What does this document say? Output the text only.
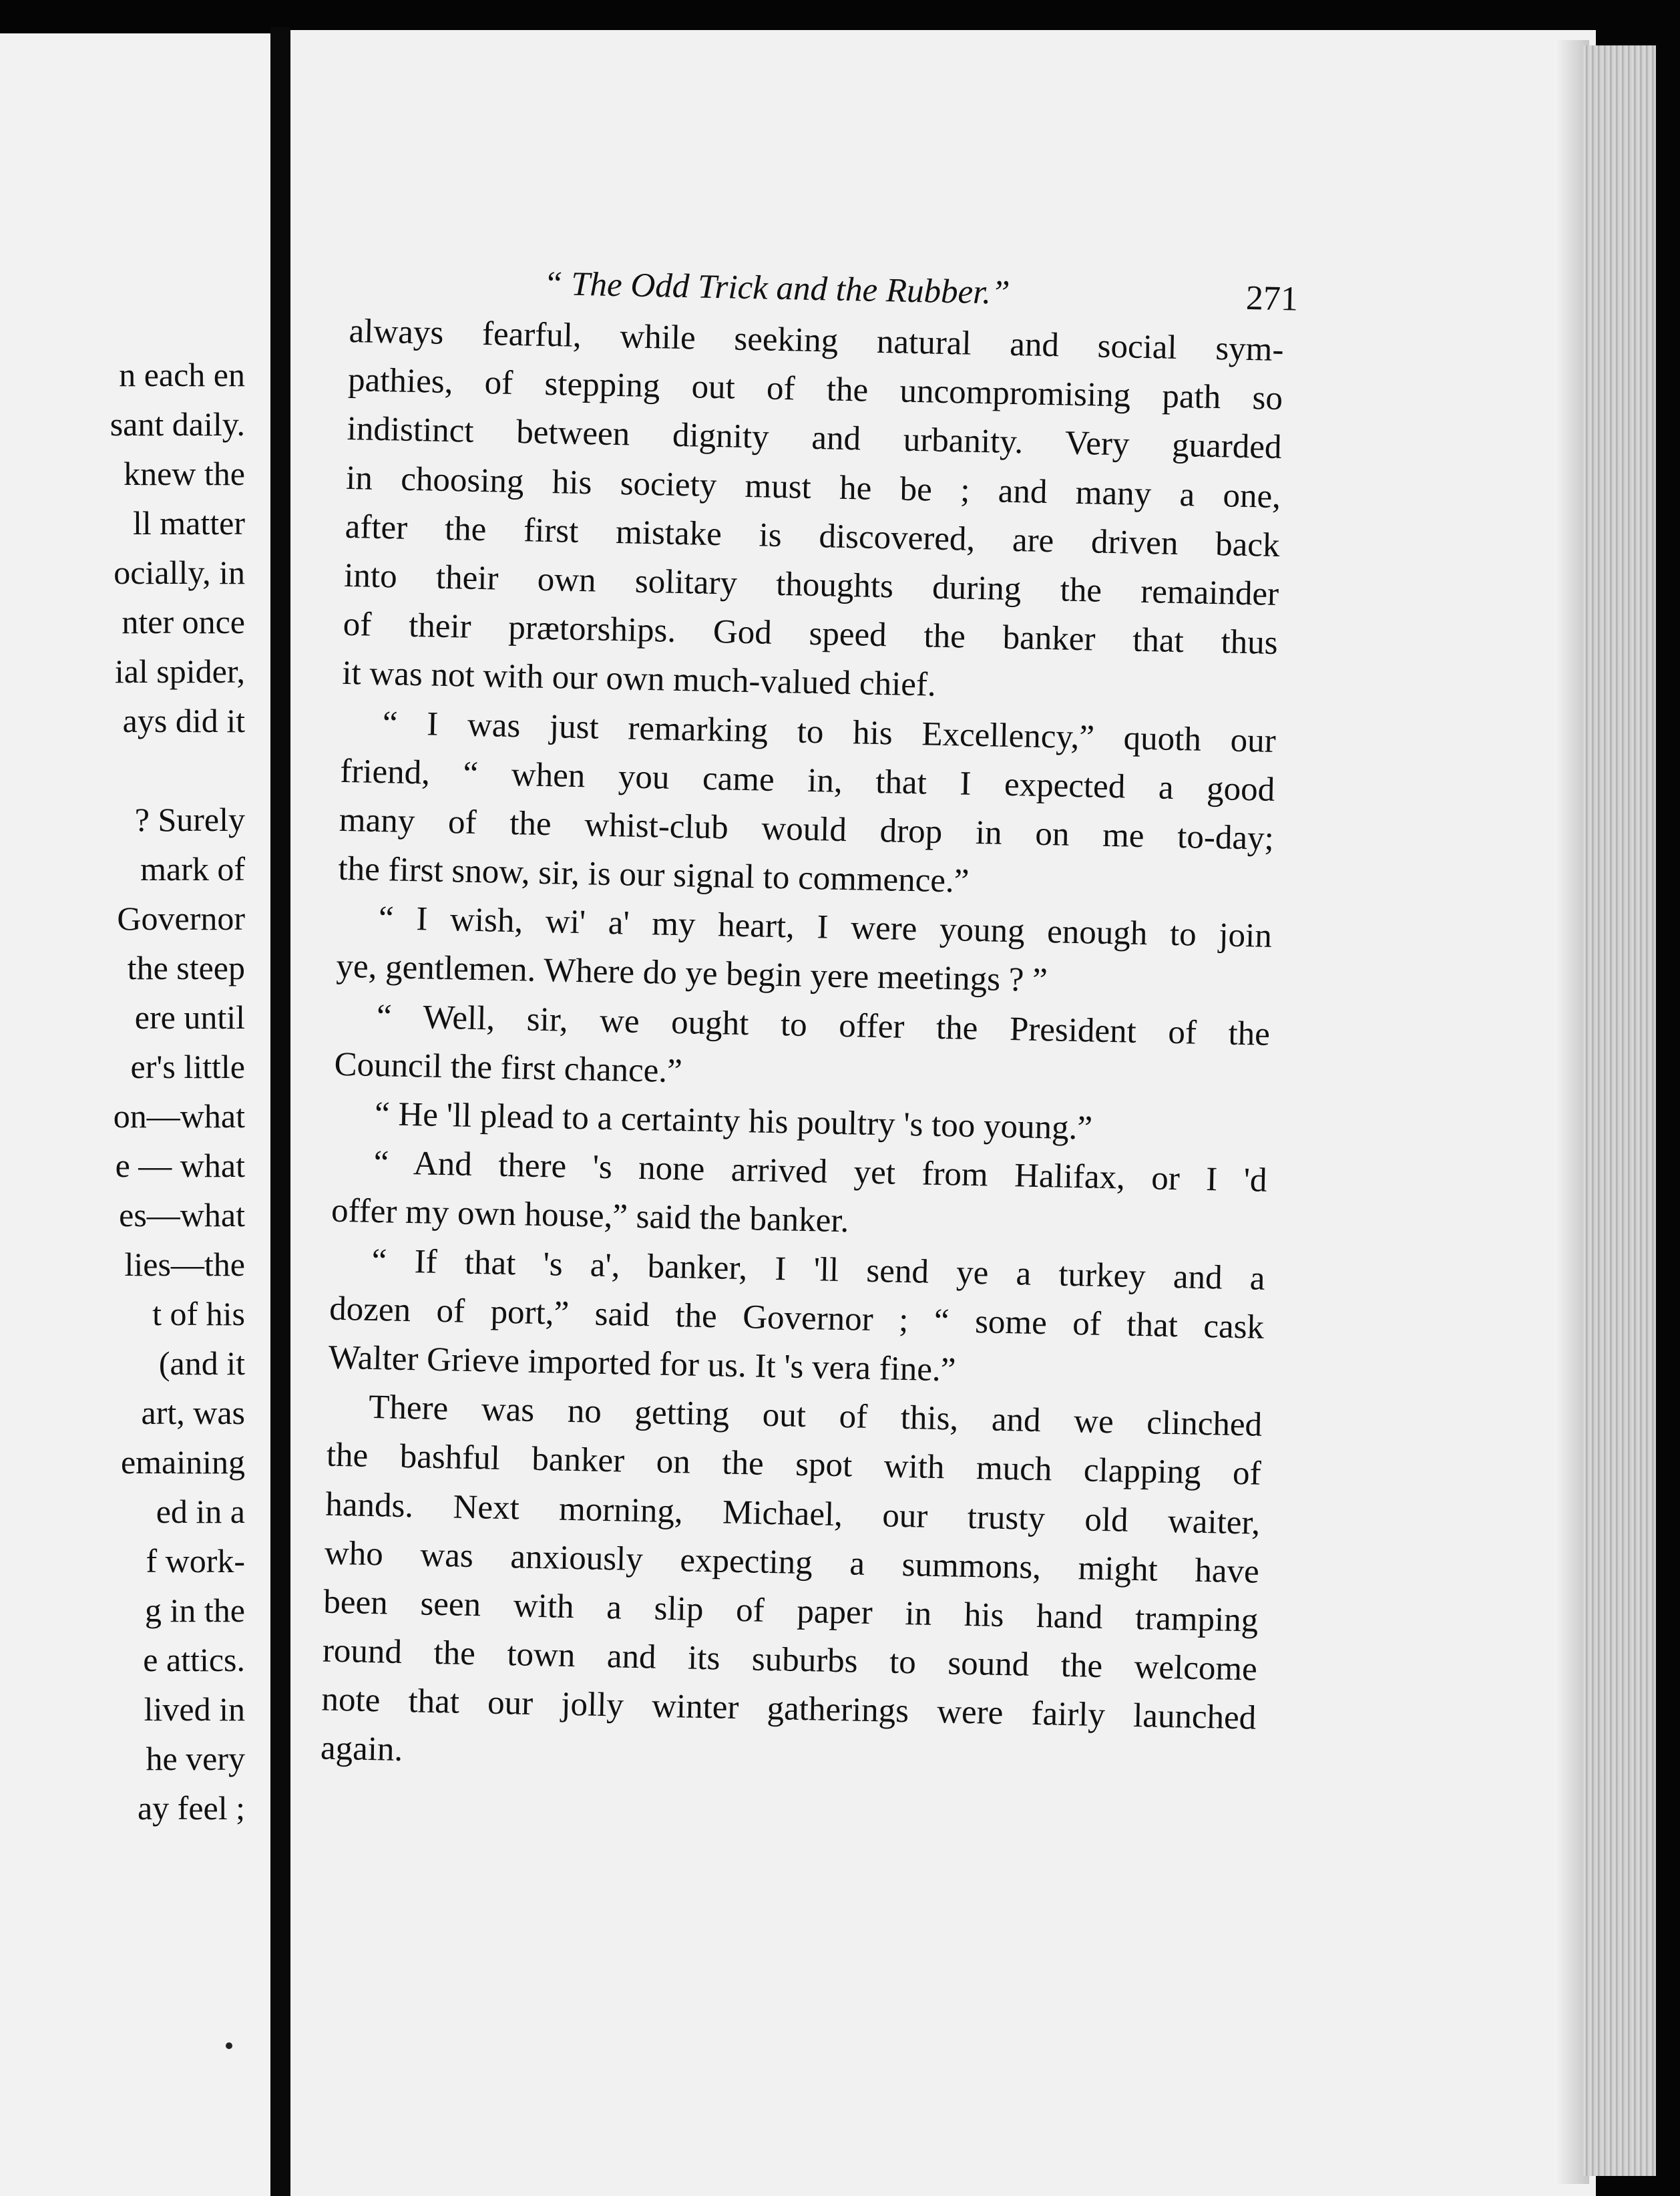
n each en

sant daily.

knew the

ll matter

ocially, in

nter once

ial spider,

ays did it

? Surely

mark of

Governor

the steep

ere until

er's little

on—what

e — what

es—what

lies—the

t of his

(and it

art, was

emaining

ed in a

f work-

g in the

e attics.

lived in

he very

ay feel ;

“ The Odd Trick and the Rubber.”	271

always fearful, while seeking natural and social sym-

pathies, of stepping out of the uncompromising path so

indistinct between dignity and urbanity. Very guarded

in choosing his society must he be ; and many a one,

after the first mistake is discovered, are driven back

into their own solitary thoughts during the remainder

of their prætorships. God speed the banker that thus

it was not with our own much-valued chief.

“ I was just remarking to his Excellency,” quoth our

friend, “ when you came in, that I expected a good

many of the whist-club would drop in on me to-day;

the first snow, sir, is our signal to commence.”

“ I wish, wi' a' my heart, I were young enough to join

ye, gentlemen. Where do ye begin yere meetings ? ”

“ Well, sir, we ought to offer the President of the

Council the first chance.”

“ He 'll plead to a certainty his poultry 's too young.”

“ And there 's none arrived yet from Halifax, or I 'd

offer my own house,” said the banker.

“ If that 's a', banker, I 'll send ye a turkey and a

dozen of port,” said the Governor ; “ some of that cask

Walter Grieve imported for us. It 's vera fine.”

There was no getting out of this, and we clinched

the bashful banker on the spot with much clapping of

hands. Next morning, Michael, our trusty old waiter,

who was anxiously expecting a summons, might have

been seen with a slip of paper in his hand tramping

round the town and its suburbs to sound the welcome

note that our jolly winter gatherings were fairly launched

again.
